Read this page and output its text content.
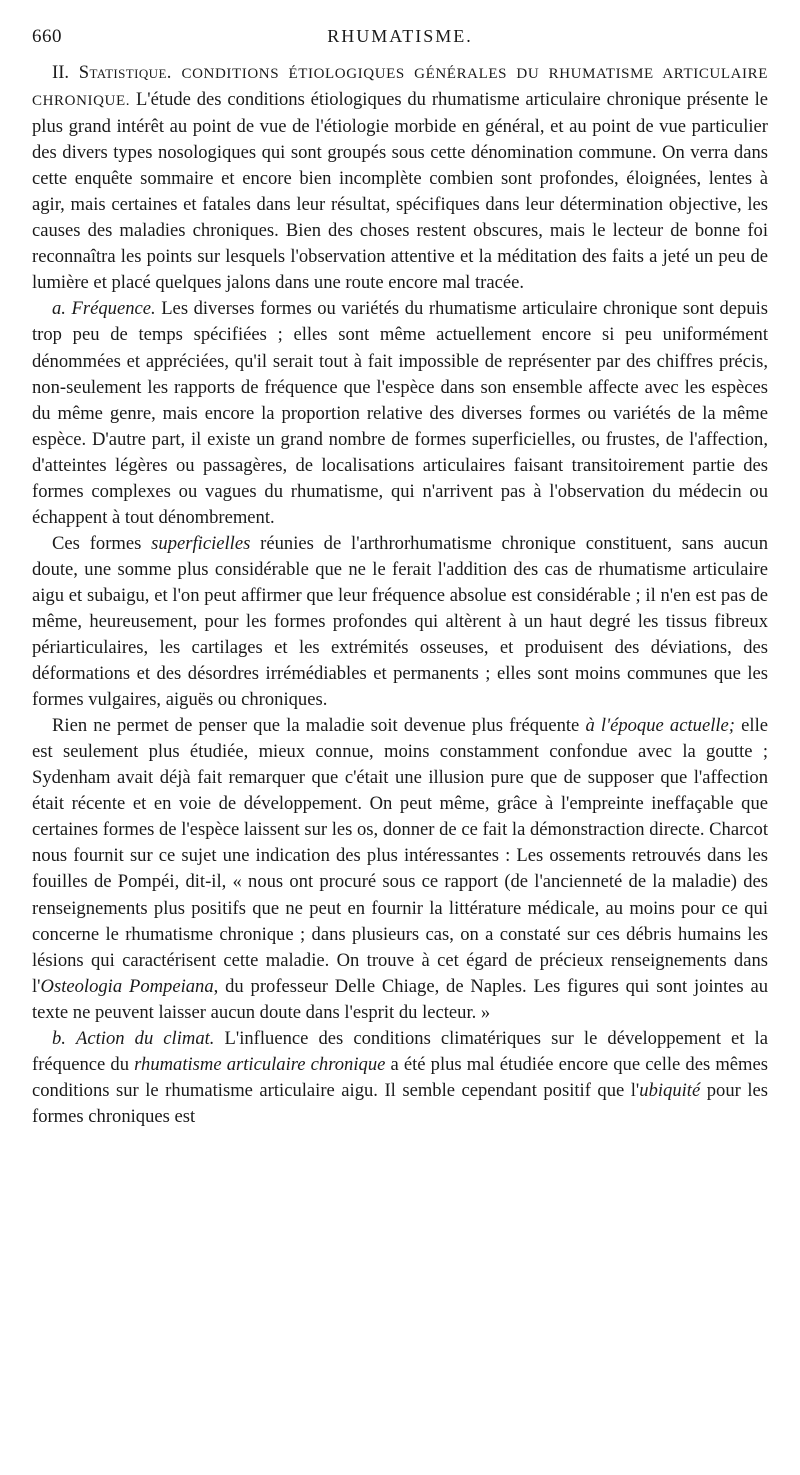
660	RHUMATISME.

II. Statistique. CONDITIONS ÉTIOLOGIQUES GÉNÉRALES DU RHUMATISME ARTICULAIRE CHRONIQUE. L'étude des conditions étiologiques du rhumatisme articulaire chronique présente le plus grand intérêt au point de vue de l'étiologie morbide en général, et au point de vue particulier des divers types nosologiques qui sont groupés sous cette dénomination commune. On verra dans cette enquête sommaire et encore bien incomplète combien sont profondes, éloignées, lentes à agir, mais certaines et fatales dans leur résultat, spécifiques dans leur détermination objective, les causes des maladies chroniques. Bien des choses restent obscures, mais le lecteur de bonne foi reconnaîtra les points sur lesquels l'observation attentive et la méditation des faits a jeté un peu de lumière et placé quelques jalons dans une route encore mal tracée.

a. Fréquence. Les diverses formes ou variétés du rhumatisme articulaire chronique sont depuis trop peu de temps spécifiées ; elles sont même actuellement encore si peu uniformément dénommées et appréciées, qu'il serait tout à fait impossible de représenter par des chiffres précis, non-seulement les rapports de fréquence que l'espèce dans son ensemble affecte avec les espèces du même genre, mais encore la proportion relative des diverses formes ou variétés de la même espèce. D'autre part, il existe un grand nombre de formes superficielles, ou frustes, de l'affection, d'atteintes légères ou passagères, de localisations articulaires faisant transitoirement partie des formes complexes ou vagues du rhumatisme, qui n'arrivent pas à l'observation du médecin ou échappent à tout dénombrement.

Ces formes superficielles réunies de l'arthrorhumatisme chronique constituent, sans aucun doute, une somme plus considérable que ne le ferait l'addition des cas de rhumatisme articulaire aigu et subaigu, et l'on peut affirmer que leur fréquence absolue est considérable ; il n'en est pas de même, heureusement, pour les formes profondes qui altèrent à un haut degré les tissus fibreux périarticulaires, les cartilages et les extrémités osseuses, et produisent des déviations, des déformations et des désordres irrémédiables et permanents ; elles sont moins communes que les formes vulgaires, aiguës ou chroniques.

Rien ne permet de penser que la maladie soit devenue plus fréquente à l'époque actuelle; elle est seulement plus étudiée, mieux connue, moins constamment confondue avec la goutte ; Sydenham avait déjà fait remarquer que c'était une illusion pure que de supposer que l'affection était récente et en voie de développement. On peut même, grâce à l'empreinte ineffaçable que certaines formes de l'espèce laissent sur les os, donner de ce fait la démonstraction directe. Charcot nous fournit sur ce sujet une indication des plus intéressantes : Les ossements retrouvés dans les fouilles de Pompéi, dit-il, « nous ont procuré sous ce rapport (de l'ancienneté de la maladie) des renseignements plus positifs que ne peut en fournir la littérature médicale, au moins pour ce qui concerne le rhumatisme chronique ; dans plusieurs cas, on a constaté sur ces débris humains les lésions qui caractérisent cette maladie. On trouve à cet égard de précieux renseignements dans l'Osteologia Pompeiana, du professeur Delle Chiage, de Naples. Les figures qui sont jointes au texte ne peuvent laisser aucun doute dans l'esprit du lecteur. »

b. Action du climat. L'influence des conditions climatériques sur le développement et la fréquence du rhumatisme articulaire chronique a été plus mal étudiée encore que celle des mêmes conditions sur le rhumatisme articulaire aigu. Il semble cependant positif que l'ubiquité pour les formes chroniques est
